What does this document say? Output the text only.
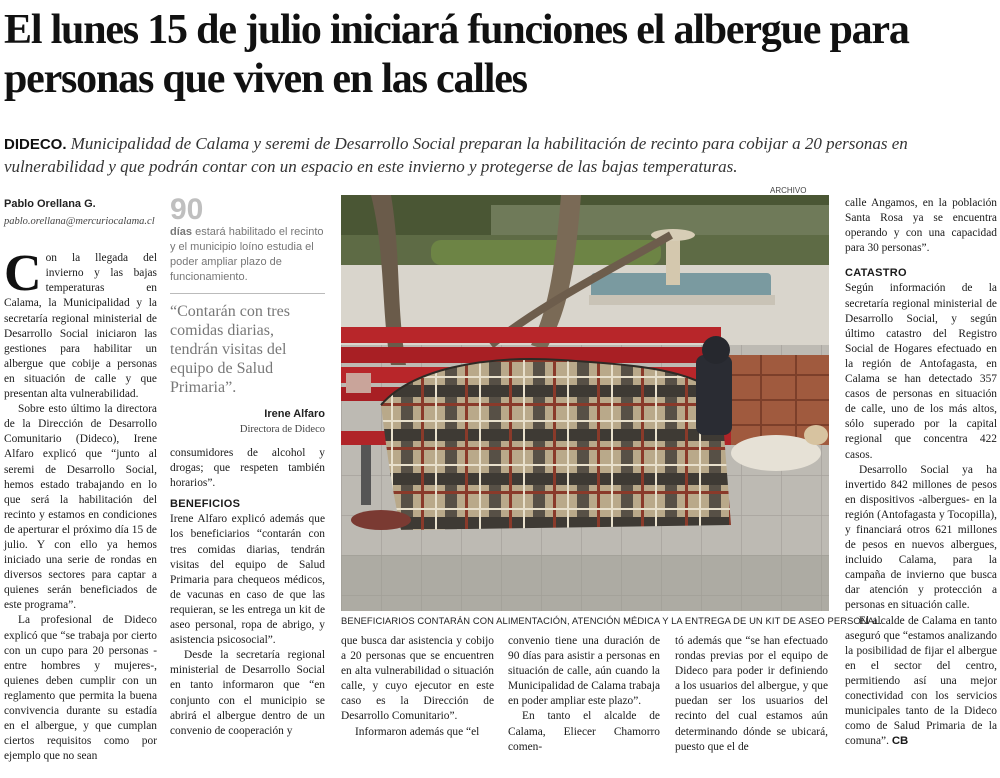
El lunes 15 de julio iniciará funciones el albergue para personas que viven en las calles
DIDECO. Municipalidad de Calama y seremi de Desarrollo Social preparan la habilitación de recinto para cobijar a 20 personas en vulnerabilidad y que podrán contar con un espacio en este invierno y protegerse de las bajas temperaturas.
Pablo Orellana G.
pablo.orellana@mercuriocalama.cl

Con la llegada del invierno y las bajas temperaturas en Calama, la Municipalidad y la secretaría regional ministerial de Desarrollo Social iniciaron las gestiones para habilitar un albergue que cobije a personas en situación de calle y que presentan alta vulnerabilidad.

Sobre esto último la directora de la Dirección de Desarrollo Comunitario (Dideco), Irene Alfaro explicó que “junto al seremi de Desarrollo Social, hemos estado trabajando en lo que será la habilitación del recinto y estamos en condiciones de aperturar el próximo día 15 de julio. Y con ello ya hemos iniciado una serie de rondas en diversos sectores para captar a quienes serán beneficiados de este programa”.

La profesional de Dideco explicó que “se trabaja por cierto con un cupo para 20 personas -entre hombres y mujeres-, quienes deben cumplir con un reglamento que permita la buena convivencia durante su estadía en el albergue, y que cumplan ciertos requisitos como por ejemplo que no sean

90
días estará habilitado el recinto y el municipio loíno estudia el poder ampliar plazo de funcionamiento.
“Contarán con tres comidas diarias, tendrán visitas del equipo de Salud Primaria”.
Irene Alfaro
Directora de Dideco

consumidores de alcohol y drogas; que respeten también horarios”.

BENEFICIOS

Irene Alfaro explicó además que los beneficiarios “contarán con tres comidas diarias, tendrán visitas del equipo de Salud Primaria para chequeos médicos, de vacunas en caso de que las requieran, se les entrega un kit de aseo personal, ropa de abrigo, y asistencia psicosocial”.

Desde la secretaría regional ministerial de Desarrollo Social en tanto informaron que “en conjunto con el municipio se abrirá el albergue dentro de un convenio de cooperación y

ARCHIVO
BENEFICIARIOS CONTARÁN CON ALIMENTACIÓN, ATENCIÓN MÉDICA Y LA ENTREGA DE UN KIT DE ASEO PERSONAL.

que busca dar asistencia y cobijo a 20 personas que se encuentren en alta vulnerabilidad o situación calle, y cuyo ejecutor en este caso es la Dirección de Desarrollo Comunitario”.

Informaron además que “el

convenio tiene una duración de 90 días para asistir a personas en situación de calle, aún cuando la Municipalidad de Calama trabaja en poder ampliar este plazo”.

En tanto el alcalde de Calama, Eliecer Chamorro comen-

tó además que “se han efectuado rondas previas por el equipo de Dideco para poder ir definiendo a los usuarios del albergue, y que puedan ser los usuarios del recinto del cual estamos aún determinando dónde se ubicará, puesto que el de

calle Angamos, en la población Santa Rosa ya se encuentra operando y con una capacidad para 30 personas”.

CATASTRO

Según información de la secretaría regional ministerial de Desarrollo Social, y según último catastro del Registro Social de Hogares efectuado en la región de Antofagasta, en Calama se han detectado 357 casos de personas en situación de calle, uno de los más altos, sólo superado por la capital regional que concentra 422 casos.

Desarrollo Social ya ha invertido 842 millones de pesos en dispositivos -albergues- en la región (Antofagasta y Tocopilla), y financiará otros 621 millones de pesos en nuevos albergues, incluido Calama, para la campaña de invierno que busca dar atención y protección a personas en situación calle.

El alcalde de Calama en tanto aseguró que “estamos analizando la posibilidad de fijar el albergue en el sector del centro, permitiendo así una mejor conectividad con los servicios municipales tanto de la Dideco como de Salud Primaria de la comuna”. CB
